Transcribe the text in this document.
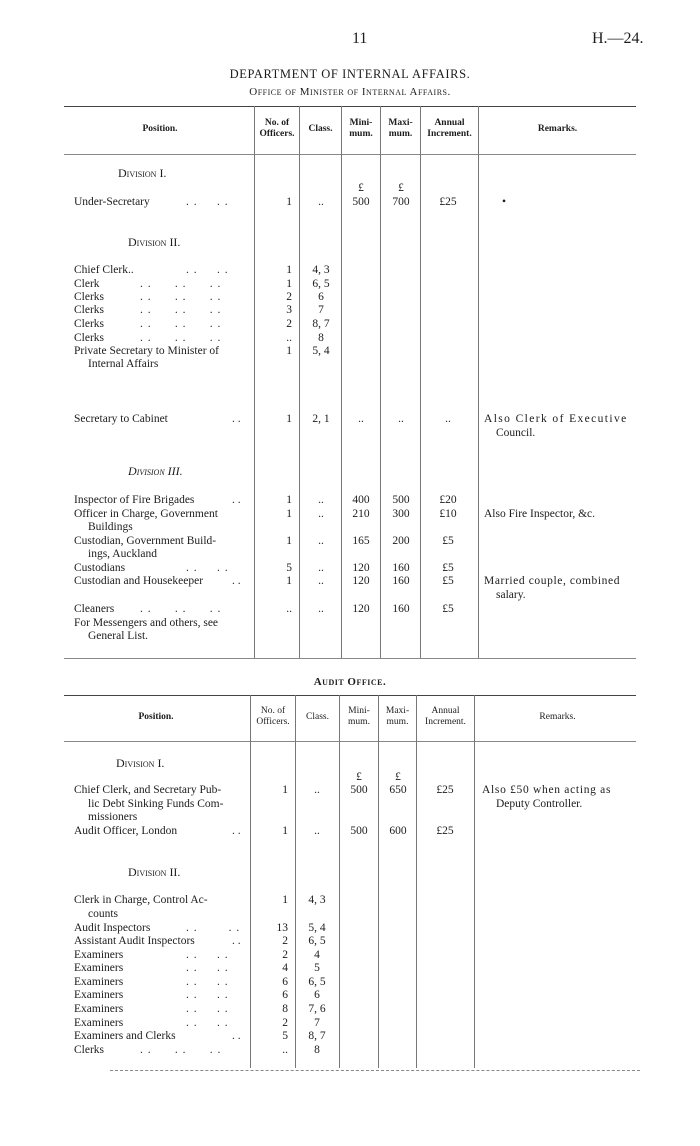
11	H.—24.
DEPARTMENT OF INTERNAL AFFAIRS.
Office of Minister of Internal Affairs.
Position.
No. of
Officers.	Class.
Mini-
mum.
Maxi-
mum.
Annual
Increment.	Remarks.
Division I.
£	£
Under-Secretary	. .     . .	1	..	500	700	£25	•
Division II.
Chief Clerk..	. .     . .	1	4, 3
Clerk	. .      . .      . .	1	6, 5
Clerks	. .      . .      . .	2	6
Clerks	. .      . .      . .	3	7
Clerks	. .      . .      . .	2	8, 7
Clerks	. .      . .      . .	..	8
Private Secretary to Minister of	1	5, 4
Internal Affairs
Secretary to Cabinet	. .	1	2, 1	..	..	..	Also Clerk of Executive
Council.
Division III.
Inspector of Fire Brigades	. .	1	..	400	500	£20
Officer in Charge, Government	1	..	210	300	£10	Also Fire Inspector, &c.
Buildings
Custodian, Government Build-	1	..	165	200	£5
ings, Auckland
Custodians	. .     . .	5	..	120	160	£5
Custodian and Housekeeper	. .	1	..	120	160	£5	Married couple, combined
salary.
Cleaners . .      . .      . .	..	..	120	160	£5
For Messengers and others, see
General List.
Audit Office.
Position.
No. of
Officers.	Class.
Mini-
mum.
Maxi-
mum.
Annual
Increment.	Remarks.
Division I.
£	£
Chief Clerk, and Secretary Pub-	1	..	500	650	£25	Also £50 when acting as
lic Debt Sinking Funds Com-	Deputy Controller.
missioners
Audit Officer, London	. .	1	..	500	600	£25
Division II.
Clerk in Charge, Control Ac-	1	4, 3
counts
Audit Inspectors	. .        . .	13	5, 4
Assistant Audit Inspectors	. .	2	6, 5
Examiners	. .     . .	2	4
Examiners	. .     . .	4	5
Examiners	. .     . .	6	6, 5
Examiners	. .     . .	6	6
Examiners	. .     . .	8	7, 6
Examiners	. .     . .	2	7
Examiners and Clerks	. .	5	8, 7
Clerks	. .      . .      . .	..	8
